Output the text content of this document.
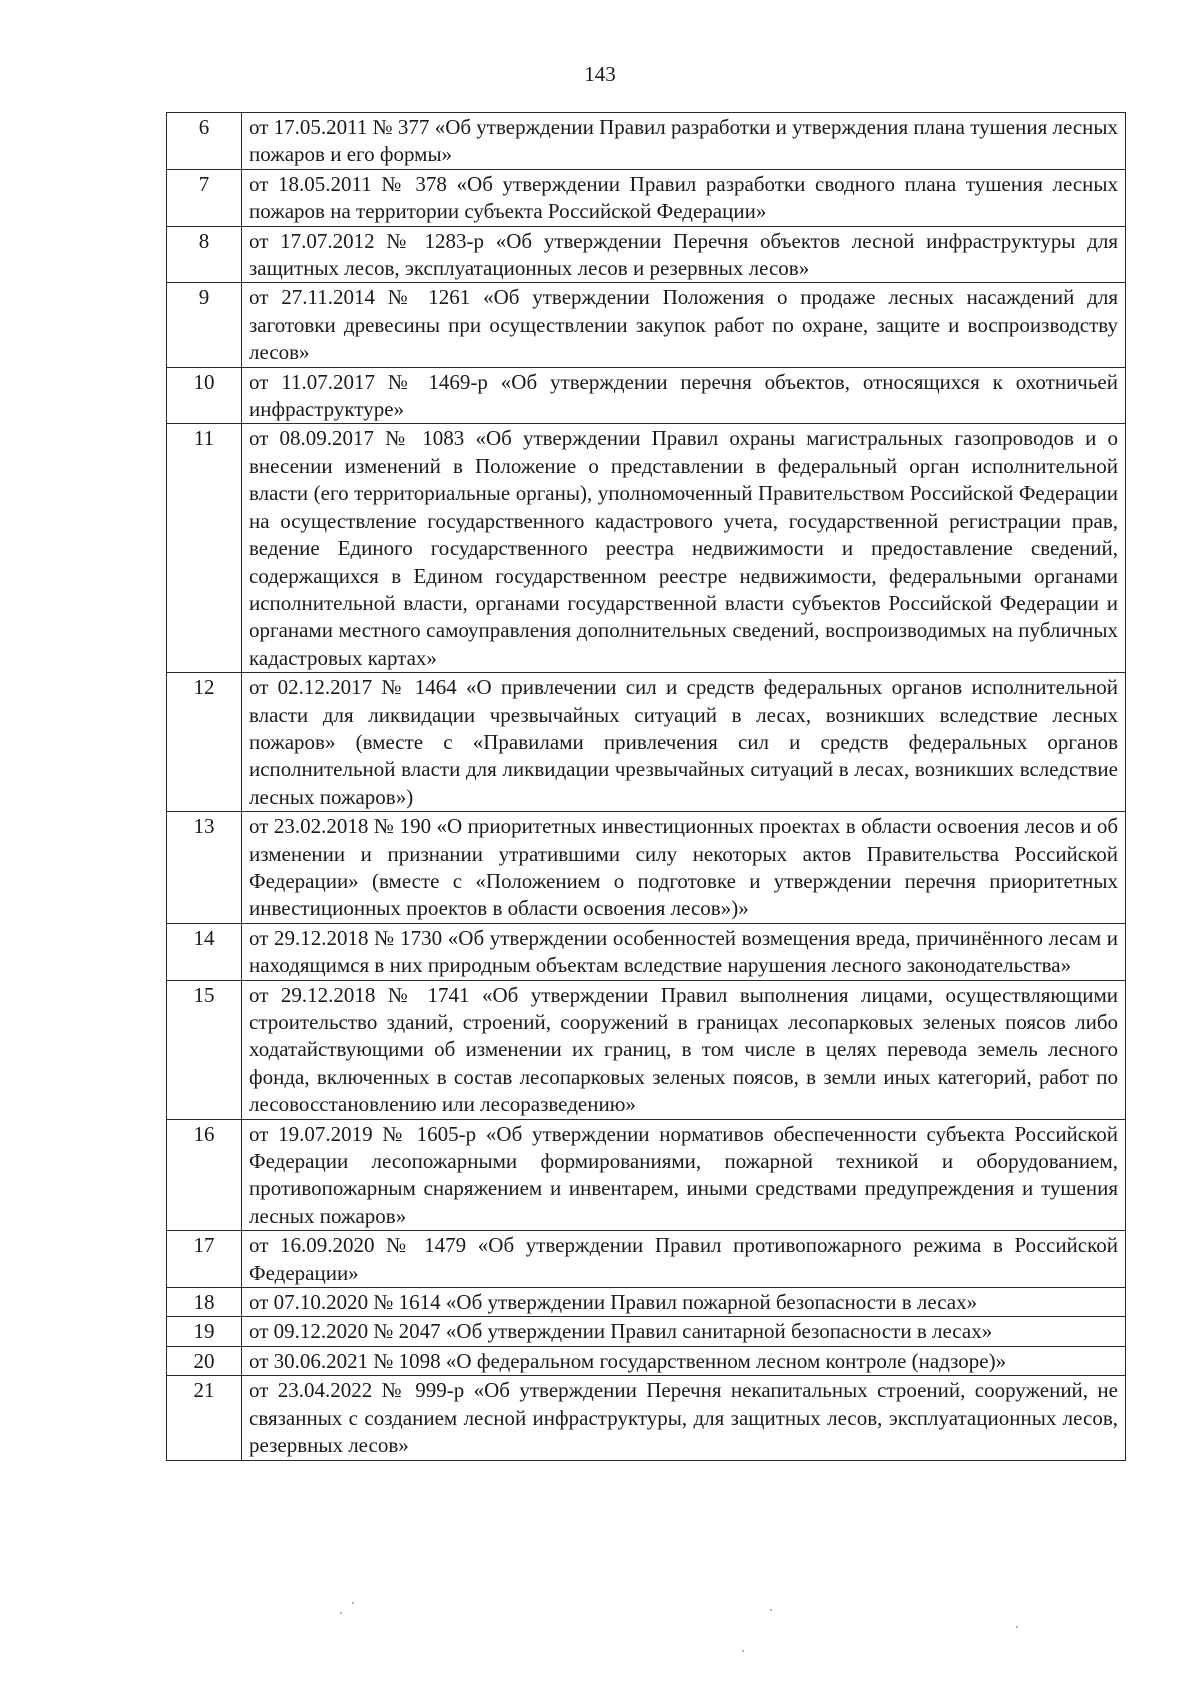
143
6	от 17.05.2011 № 377 «Об утверждении Правил разработки и утверждения плана тушения лесных пожаров и его формы»
7	от 18.05.2011 № 378 «Об утверждении Правил разработки сводного плана тушения лесных пожаров на территории субъекта Российской Федерации»
8	от 17.07.2012 № 1283-р «Об утверждении Перечня объектов лесной инфраструктуры для защитных лесов, эксплуатационных лесов и резервных лесов»
9	от 27.11.2014 № 1261 «Об утверждении Положения о продаже лесных насаждений для заготовки древесины при осуществлении закупок работ по охране, защите и воспроизводству лесов»
10	от 11.07.2017 № 1469-р «Об утверждении перечня объектов, относящихся к охотничьей инфраструктуре»
11	от 08.09.2017 № 1083 «Об утверждении Правил охраны магистральных газопроводов и о внесении изменений в Положение о представлении в федеральный орган исполнительной власти (его территориальные органы), уполномоченный Правительством Российской Федерации на осуществление государственного кадастрового учета, государственной регистрации прав, ведение Единого государственного реестра недвижимости и предоставление сведений, содержащихся в Едином государственном реестре недвижимости, федеральными органами исполнительной власти, органами государственной власти субъектов Российской Федерации и органами местного самоуправления дополнительных сведений, воспроизводимых на публичных кадастровых картах»
12	от 02.12.2017 № 1464 «О привлечении сил и средств федеральных органов исполнительной власти для ликвидации чрезвычайных ситуаций в лесах, возникших вследствие лесных пожаров» (вместе с «Правилами привлечения сил и средств федеральных органов исполнительной власти для ликвидации чрезвычайных ситуаций в лесах, возникших вследствие лесных пожаров»)
13	от 23.02.2018 № 190 «О приоритетных инвестиционных проектах в области освоения лесов и об изменении и признании утратившими силу некоторых актов Правительства Российской Федерации» (вместе с «Положением о подготовке и утверждении перечня приоритетных инвестиционных проектов в области освоения лесов»)»
14	от 29.12.2018 № 1730 «Об утверждении особенностей возмещения вреда, причинённого лесам и находящимся в них природным объектам вследствие нарушения лесного законодательства»
15	от 29.12.2018 № 1741 «Об утверждении Правил выполнения лицами, осуществляющими строительство зданий, строений, сооружений в границах лесопарковых зеленых поясов либо ходатайствующими об изменении их границ, в том числе в целях перевода земель лесного фонда, включенных в состав лесопарковых зеленых поясов, в земли иных категорий, работ по лесовосстановлению или лесоразведению»
16	от 19.07.2019 № 1605-р «Об утверждении нормативов обеспеченности субъекта Российской Федерации лесопожарными формированиями, пожарной техникой и оборудованием, противопожарным снаряжением и инвентарем, иными средствами предупреждения и тушения лесных пожаров»
17	от 16.09.2020 № 1479 «Об утверждении Правил противопожарного режима в Российской Федерации»
18	от 07.10.2020 № 1614 «Об утверждении Правил пожарной безопасности в лесах»
19	от 09.12.2020 № 2047 «Об утверждении Правил санитарной безопасности в лесах»
20	от 30.06.2021 № 1098 «О федеральном государственном лесном контроле (надзоре)»
21	от 23.04.2022 № 999-р «Об утверждении Перечня некапитальных строений, сооружений, не связанных с созданием лесной инфраструктуры, для защитных лесов, эксплуатационных лесов, резервных лесов»
